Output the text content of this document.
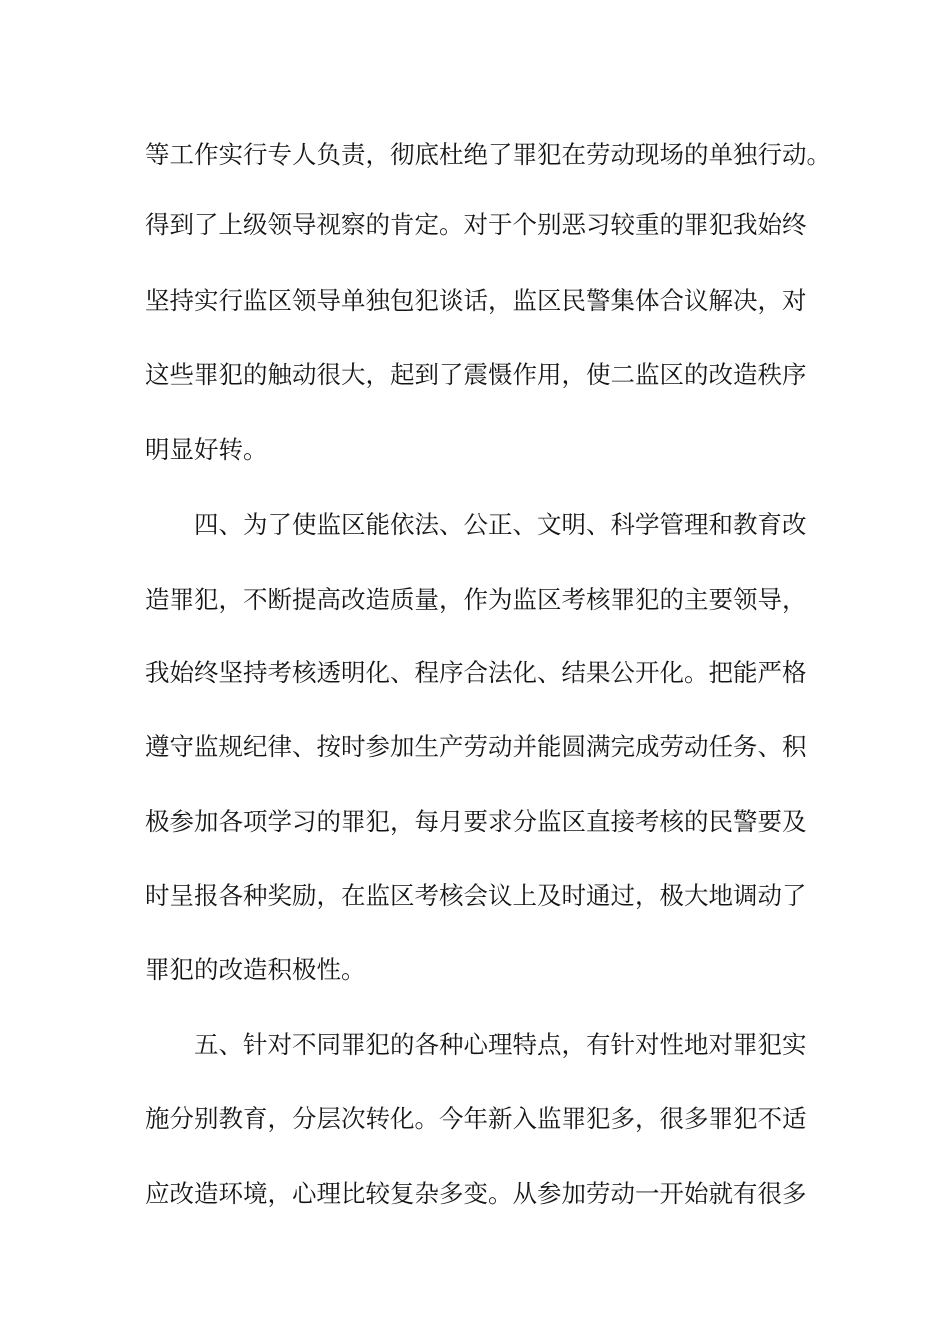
等工作实行专人负责，彻底杜绝了罪犯在劳动现场的单独行动。
得到了上级领导视察的肯定。对于个别恶习较重的罪犯我始终
坚持实行监区领导单独包犯谈话，监区民警集体合议解决，对
这些罪犯的触动很大，起到了震慑作用，使二监区的改造秩序
明显好转。
四、为了使监区能依法、公正、文明、科学管理和教育改
造罪犯，不断提高改造质量，作为监区考核罪犯的主要领导，
我始终坚持考核透明化、程序合法化、结果公开化。把能严格
遵守监规纪律、按时参加生产劳动并能圆满完成劳动任务、积
极参加各项学习的罪犯，每月要求分监区直接考核的民警要及
时呈报各种奖励，在监区考核会议上及时通过，极大地调动了
罪犯的改造积极性。
五、针对不同罪犯的各种心理特点，有针对性地对罪犯实
施分别教育，分层次转化。今年新入监罪犯多，很多罪犯不适
应改造环境，心理比较复杂多变。从参加劳动一开始就有很多
